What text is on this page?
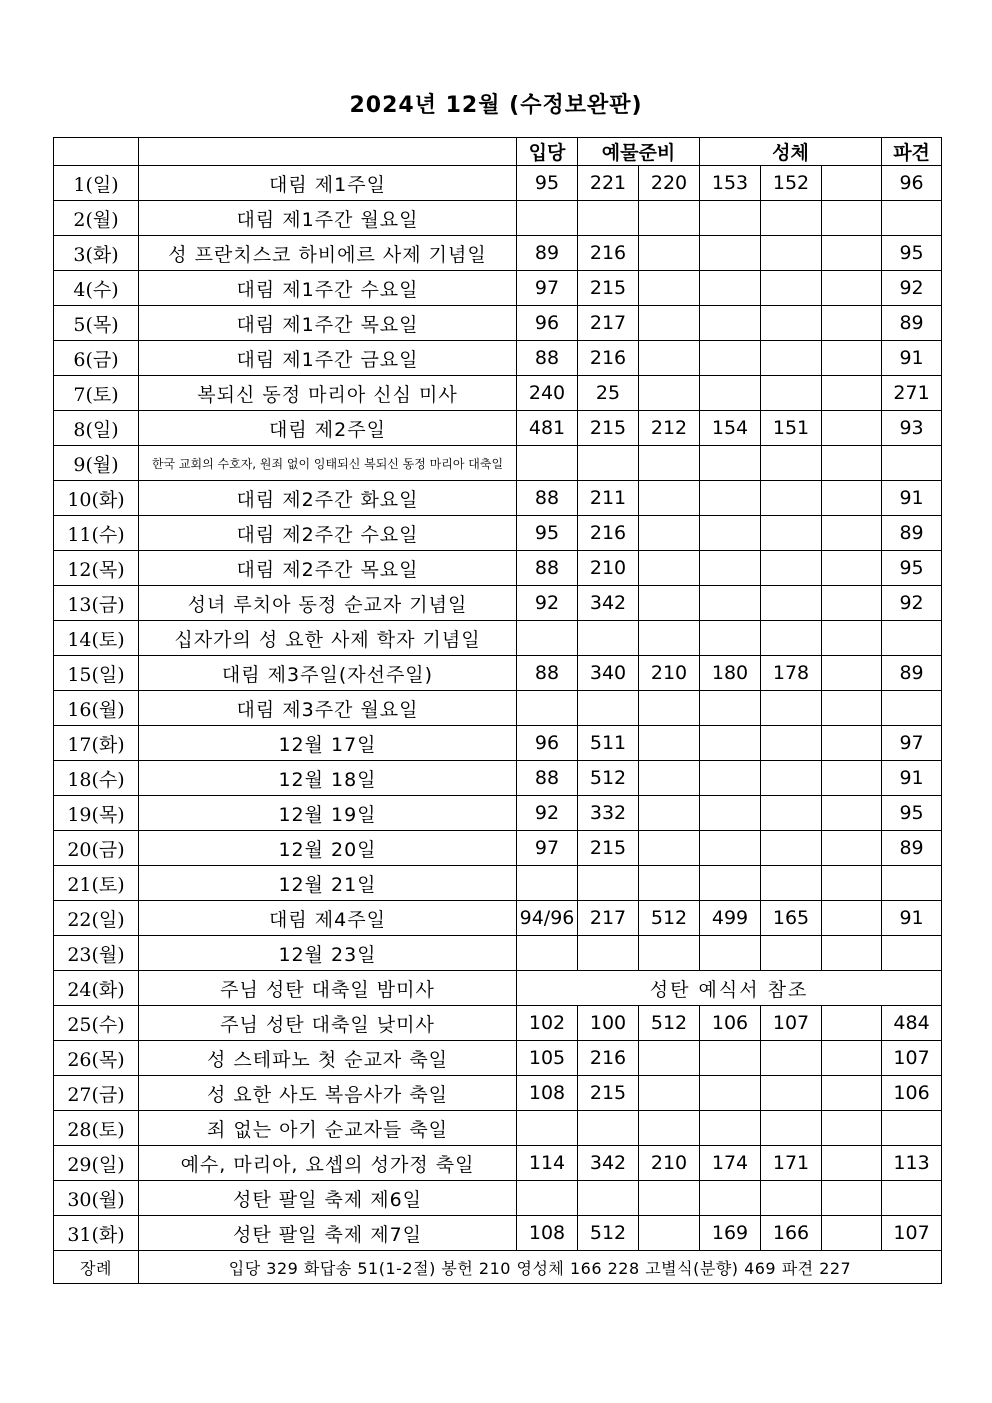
2024년 12월 (수정보완판)
		입당	예물준비		성체			파견
1(일)	대림 제1주일	95	221	220	153	152		96
2(월)	대림 제1주간 월요일							
3(화)	성 프란치스코 하비에르 사제 기념일	89	216					95
4(수)	대림 제1주간 수요일	97	215					92
5(목)	대림 제1주간 목요일	96	217					89
6(금)	대림 제1주간 금요일	88	216					91
7(토)	복되신 동정 마리아 신심 미사	240	25					271
8(일)	대림 제2주일	481	215	212	154	151		93
9(월)	한국 교회의 수호자, 원죄 없이 잉태되신 복되신 동정 마리아 대축일							
10(화)	대림 제2주간 화요일	88	211					91
11(수)	대림 제2주간 수요일	95	216					89
12(목)	대림 제2주간 목요일	88	210					95
13(금)	성녀 루치아 동정 순교자 기념일	92	342					92
14(토)	십자가의 성 요한 사제 학자 기념일							
15(일)	대림 제3주일(자선주일)	88	340	210	180	178		89
16(월)	대림 제3주간 월요일							
17(화)	12월 17일	96	511					97
18(수)	12월 18일	88	512					91
19(목)	12월 19일	92	332					95
20(금)	12월 20일	97	215					89
21(토)	12월 21일							
22(일)	대림 제4주일	94/96	217	512	499	165		91
23(월)	12월 23일							
24(화)	주님 성탄 대축일 밤미사	성탄 예식서 참조						
25(수)	주님 성탄 대축일 낮미사	102	100	512	106	107		484
26(목)	성 스테파노 첫 순교자 축일	105	216					107
27(금)	성 요한 사도 복음사가 축일	108	215					106
28(토)	죄 없는 아기 순교자들 축일							
29(일)	예수, 마리아, 요셉의 성가정 축일	114	342	210	174	171		113
30(월)	성탄 팔일 축제 제6일							
31(화)	성탄 팔일 축제 제7일	108	512		169	166		107
장례	입당 329 화답송 51(1-2절) 봉헌 210 영성체 166 228 고별식(분향) 469 파견 227							
